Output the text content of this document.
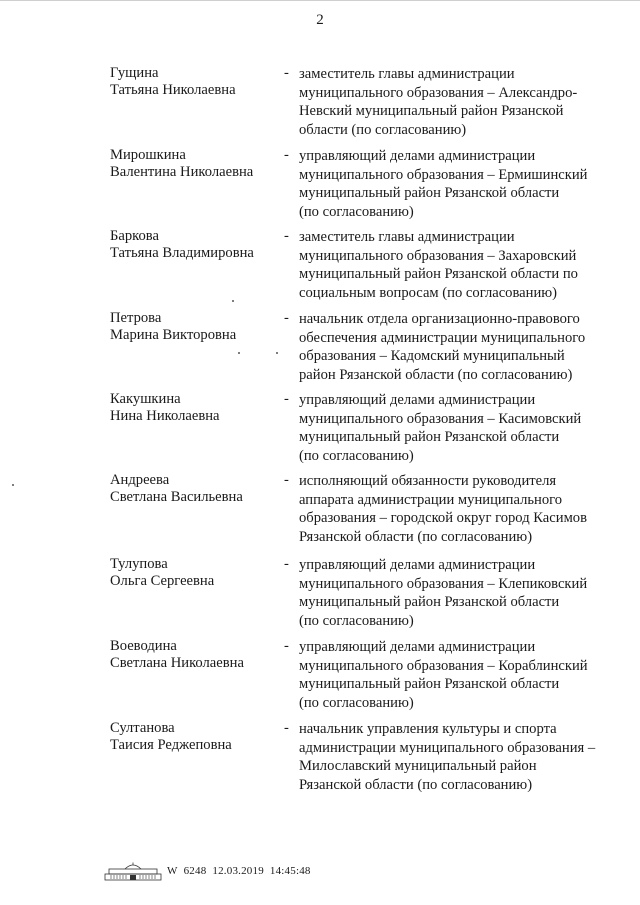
2
Гущина
Татьяна Николаевна
- заместитель главы администрации
муниципального образования – Александро-
Невский муниципальный район Рязанской
области (по согласованию)
Мирошкина
Валентина Николаевна
- управляющий делами администрации
муниципального образования – Ермишинский
муниципальный район Рязанской области
(по согласованию)
Баркова
Татьяна Владимировна
- заместитель главы администрации
муниципального образования – Захаровский
муниципальный район Рязанской области по
социальным вопросам (по согласованию)
Петрова
Марина Викторовна
- начальник отдела организационно-правового
обеспечения администрации муниципального
образования – Кадомский муниципальный
район Рязанской области (по согласованию)
Какушкина
Нина Николаевна
- управляющий делами администрации
муниципального образования – Касимовский
муниципальный район Рязанской области
(по согласованию)
Андреева
Светлана Васильевна
- исполняющий обязанности руководителя
аппарата администрации муниципального
образования – городской округ город Касимов
Рязанской области (по согласованию)
Тулупова
Ольга Сергеевна
- управляющий делами администрации
муниципального образования – Клепиковский
муниципальный район Рязанской области
(по согласованию)
Воеводина
Светлана Николаевна
- управляющий делами администрации
муниципального образования – Кораблинский
муниципальный район Рязанской области
(по согласованию)
Султанова
Таисия Реджеповна
- начальник управления культуры и спорта
администрации муниципального образования –
Милославский муниципальный район
Рязанской области (по согласованию)
W 6248 12.03.2019 14:45:48
